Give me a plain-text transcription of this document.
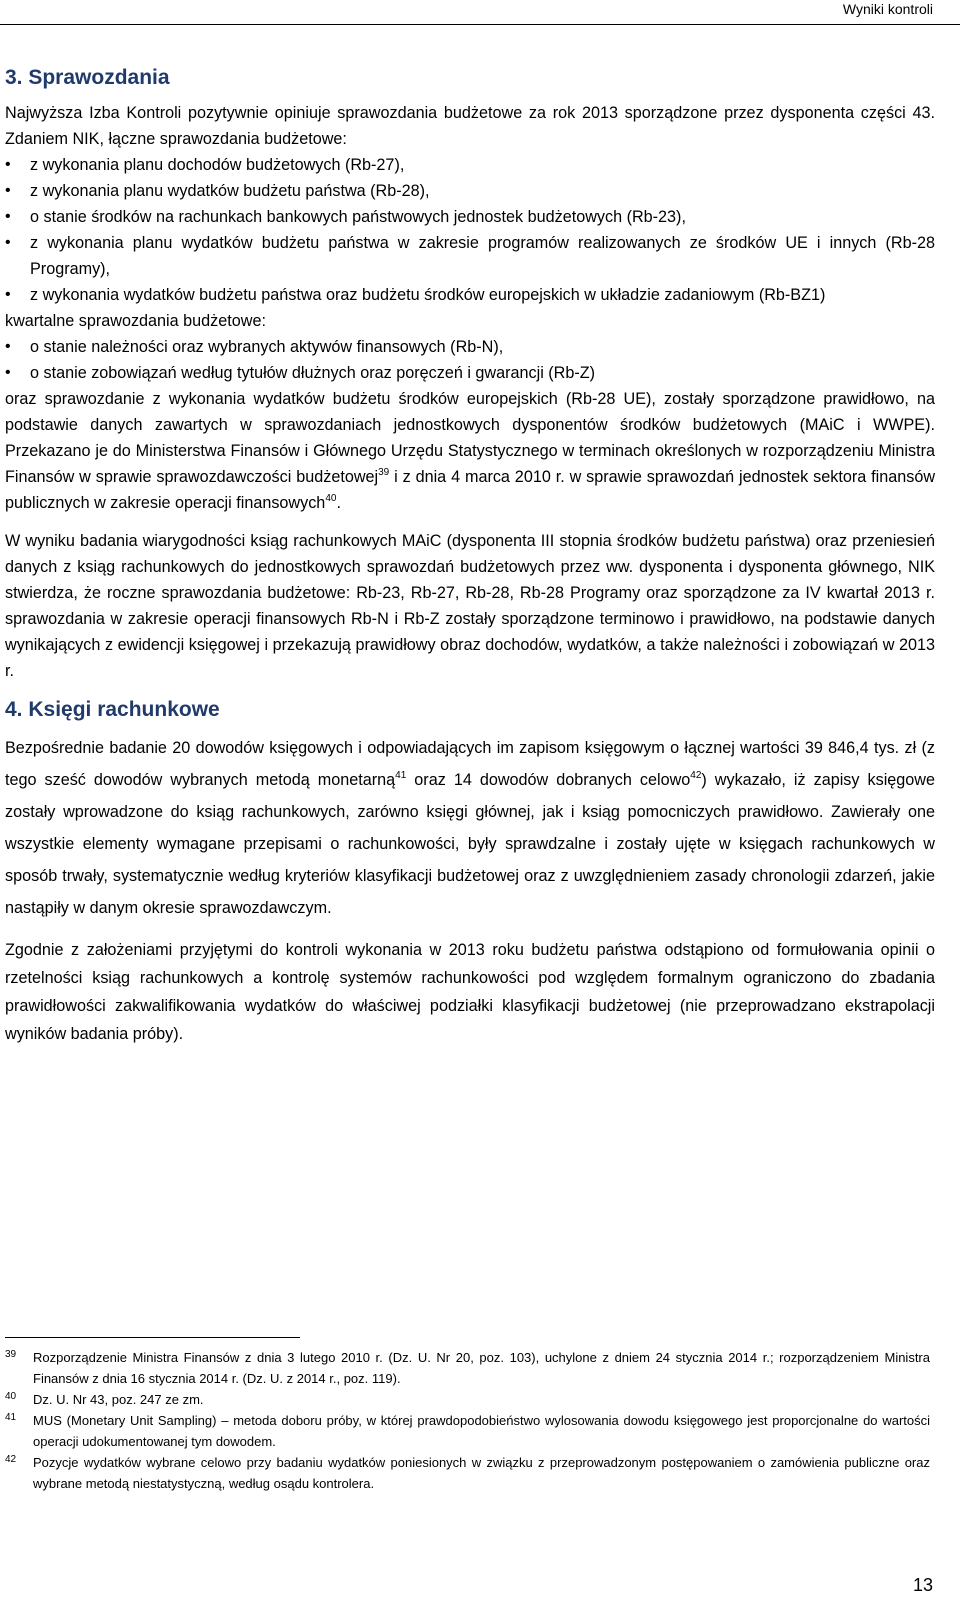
Wyniki kontroli
3. Sprawozdania

Najwyższa Izba Kontroli pozytywnie opiniuje sprawozdania budżetowe za rok 2013 sporządzone przez dysponenta części 43. Zdaniem NIK, łączne sprawozdania budżetowe:

• z wykonania planu dochodów budżetowych (Rb-27),
• z wykonania planu wydatków budżetu państwa (Rb-28),
• o stanie środków na rachunkach bankowych państwowych jednostek budżetowych (Rb-23),
• z wykonania planu wydatków budżetu państwa w zakresie programów realizowanych ze środków UE i innych (Rb-28 Programy),
• z wykonania wydatków budżetu państwa oraz budżetu środków europejskich w układzie zadaniowym (Rb-BZ1)

kwartalne sprawozdania budżetowe:

• o stanie należności oraz wybranych aktywów finansowych (Rb-N),
• o stanie zobowiązań według tytułów dłużnych oraz poręczeń i gwarancji (Rb-Z)

oraz sprawozdanie z wykonania wydatków budżetu środków europejskich (Rb-28 UE), zostały sporządzone prawidłowo, na podstawie danych zawartych w sprawozdaniach jednostkowych dysponentów środków budżetowych (MAiC i WWPE). Przekazano je do Ministerstwa Finansów i Głównego Urzędu Statystycznego w terminach określonych w rozporządzeniu Ministra Finansów w sprawie sprawozdawczości budżetowej$^{39}$ i z dnia 4 marca 2010 r. w sprawie sprawozdań jednostek sektora finansów publicznych w zakresie operacji finansowych$^{40}$.

W wyniku badania wiarygodności ksiąg rachunkowych MAiC (dysponenta III stopnia środków budżetu państwa) oraz przeniesień danych z ksiąg rachunkowych do jednostkowych sprawozdań budżetowych przez ww. dysponenta i dysponenta głównego, NIK stwierdza, że roczne sprawozdania budżetowe: Rb-23, Rb-27, Rb-28, Rb-28 Programy oraz sporządzone za IV kwartał 2013 r. sprawozdania w zakresie operacji finansowych Rb-N i Rb-Z zostały sporządzone terminowo i prawidłowo, na podstawie danych wynikających z ewidencji księgowej i przekazują prawidłowy obraz dochodów, wydatków, a także należności i zobowiązań w 2013 r.

4. Księgi rachunkowe

Bezpośrednie badanie 20 dowodów księgowych i odpowiadających im zapisom księgowym o łącznej wartości 39 846,4 tys. zł (z tego sześć dowodów wybranych metodą monetarną$^{41}$ oraz 14 dowodów dobranych celowo$^{42}$) wykazało, iż zapisy księgowe zostały wprowadzone do ksiąg rachunkowych, zarówno księgi głównej, jak i ksiąg pomocniczych prawidłowo. Zawierały one wszystkie elementy wymagane przepisami o rachunkowości, były sprawdzalne i zostały ujęte w księgach rachunkowych w sposób trwały, systematycznie według kryteriów klasyfikacji budżetowej oraz z uwzględnieniem zasady chronologii zdarzeń, jakie nastąpiły w danym okresie sprawozdawczym.

Zgodnie z założeniami przyjętymi do kontroli wykonania w 2013 roku budżetu państwa odstąpiono od formułowania opinii o rzetelności ksiąg rachunkowych a kontrolę systemów rachunkowości pod względem formalnym ograniczono do zbadania prawidłowości zakwalifikowania wydatków do właściwej podziałki klasyfikacji budżetowej (nie przeprowadzano ekstrapolacji wyników badania próby).

39 Rozporządzenie Ministra Finansów z dnia 3 lutego 2010 r. (Dz. U. Nr 20, poz. 103), uchylone z dniem 24 stycznia 2014 r.; rozporządzeniem Ministra Finansów z dnia 16 stycznia 2014 r. (Dz. U. z 2014 r., poz. 119).
40 Dz. U. Nr 43, poz. 247 ze zm.
41 MUS (Monetary Unit Sampling) – metoda doboru próby, w której prawdopodobieństwo wylosowania dowodu księgowego jest proporcjonalne do wartości operacji udokumentowanej tym dowodem.
42 Pozycje wydatków wybrane celowo przy badaniu wydatków poniesionych w związku z przeprowadzonym postępowaniem o zamówienia publiczne oraz wybrane metodą niestatystyczną, według osądu kontrolera.
13
